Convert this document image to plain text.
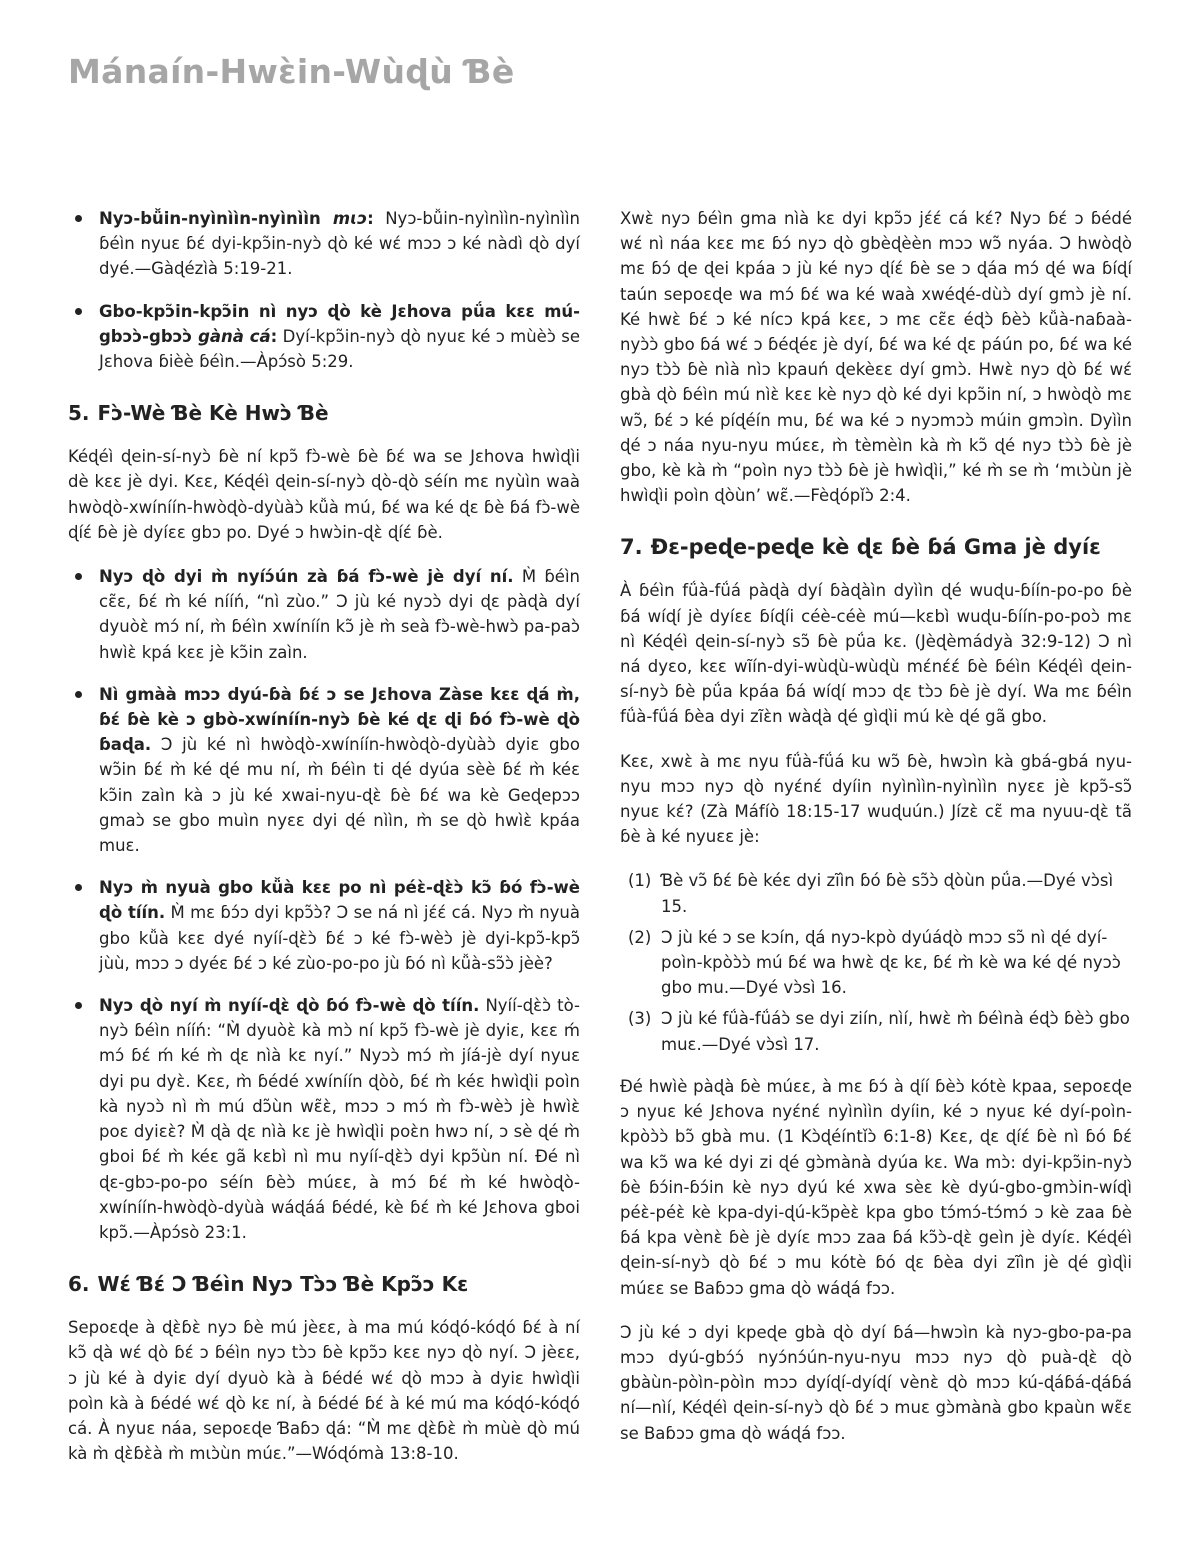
Mánaín-Hwɛ̀in-Wùɖù Ɓè
Nyɔ-bǚin-nyìnììn-nyìnììn mɩɔ: Nyɔ-bǚin-nyìnììn-nyìnììn ɓéìn nyuɛ ɓɛ́ dyi-kpɔ̃in-nyɔ̀ ɖò ké wɛ́ mɔɔ ɔ ké nàdì ɖò dyí dyé.—Gàɖézìà 5:19-21.
Gbo-kpɔ̃in-kpɔ̃in nì nyɔ ɖò kè Jɛhova pǘa kɛɛ mú-gbɔɔ̀-gbɔɔ̀ gànà cá: Dyí-kpɔ̃in-nyɔ̀ ɖò nyuɛ ké ɔ mùèɔ̀ se Jɛhova ɓièè ɓéìn.—Àpɔ́sò 5:29.
5. Fɔ̀-Wè Ɓè Kè Hwɔ̀ Ɓè

Kéɖéì ɖein-sí-nyɔ̀ ɓè ní kpɔ̃ fɔ̀-wè ɓè ɓɛ́ wa se Jɛhova hwìɖìi dè kɛɛ jè dyi. Kɛɛ, Kéɖéì ɖein-sí-nyɔ̀ ɖò-ɖò séín mɛ nyùìn waà hwòɖò-xwíníín-hwòɖò-dyùàɔ̀ kǚà mú, ɓɛ́ wa ké ɖɛ ɓè ɓá fɔ̀-wè ɖíɛ́ ɓè jè dyíɛɛ gbɔ po. Dyé ɔ hwɔ̀in-ɖɛ̀ ɖíɛ́ ɓè.

Nyɔ ɖò dyi m̀ nyíɔ́ún zà ɓá fɔ̀-wè jè dyí ní. M̀ ɓéìn cɛ̃ɛ, ɓɛ́ m̀ ké nííń, “nì zùo.” Ɔ jù ké nyɔɔ̀ dyi ɖɛ pàɖà dyí dyuòɛ̀ mɔ́ ní, m̀ ɓéìn xwíníín kɔ̃ jè m̀ seà fɔ̀-wè-hwɔ̀ pa-paɔ̀ hwìɛ̀ kpá kɛɛ jè kɔ̃in zaìn.
Nì gmàà mɔɔ dyú-ɓà ɓɛ́ ɔ se Jɛhova Zàse kɛɛ ɖá m̀, ɓɛ́ ɓè kè ɔ gbò-xwíníín-nyɔ̀ ɓè ké ɖɛ ɖi ɓó fɔ̀-wè ɖò ɓaɖa. Ɔ jù ké nì hwòɖò-xwíníín-hwòɖò-dyùàɔ̀ dyiɛ gbo wɔ̃in ɓɛ́ m̀ ké ɖé mu ní, m̀ ɓéìn ti ɖé dyúa sèè ɓɛ́ m̀ kéɛ kɔ̃in zaìn kà ɔ jù ké xwai-nyu-ɖɛ̀ ɓè ɓɛ́ wa kè Geɖepɔɔ gmaɔ̀ se gbo muìn nyɛɛ dyi ɖé nììn, m̀ se ɖò hwìɛ̀ kpáa muɛ.
Nyɔ m̀ nyuà gbo kǚà kɛɛ po nì péɛ̀-ɖɛ̀ɔ̀ kɔ̃ ɓó fɔ̀-wè ɖò tíín. M̀ mɛ ɓɔ́ɔ dyi kpɔ̃ɔ̀? Ɔ se ná nì jɛ́ɛ́ cá. Nyɔ m̀ nyuà gbo kǚà kɛɛ dyé nyíí-ɖɛ̀ɔ̀ ɓɛ́ ɔ ké fɔ̀-wèɔ̀ jè dyi-kpɔ̃-kpɔ̃ jùù, mɔɔ ɔ dyéɛ ɓɛ́ ɔ ké zùo-po-po jù ɓó nì kǚà-sɔ̃ɔ̀ jèè?
Nyɔ ɖò nyí m̀ nyíí-ɖɛ̀ ɖò ɓó fɔ̀-wè ɖò tíín. Nyíí-ɖɛ̀ɔ̀ tò-nyɔ̀ ɓéìn nííń: “M̀ dyuòɛ̀ kà mɔ̀ ní kpɔ̃ fɔ̀-wè jè dyiɛ, kɛɛ ḿ mɔ́ ɓɛ́ ḿ ké m̀ ɖɛ nìà kɛ nyí.” Nyɔɔ̀ mɔ́ m̀ jíá-jè dyí nyuɛ dyi pu dyɛ̀. Kɛɛ, m̀ ɓédé xwíníín ɖòò, ɓɛ́ m̀ kéɛ hwìɖìi poìn kà nyɔɔ̀ nì m̀ mú dɔ̃ùn wɛ̃ɛ̀, mɔɔ ɔ mɔ́ m̀ fɔ̀-wèɔ̀ jè hwìɛ̀ poɛ dyiɛɛ̀? M̀ ɖà ɖɛ nìà kɛ jè hwìɖìi poɛ̀n hwɔ ní, ɔ sè ɖé m̀ gboi ɓɛ́ m̀ kéɛ gã kɛbì nì mu nyíí-ɖɛ̀ɔ̀ dyi kpɔ̃ùn ní. Ɖé nì ɖɛ-gbɔ-po-po séín ɓèɔ̀ múɛɛ, à mɔ́ ɓɛ́ m̀ ké hwòɖò-xwíníín-hwòɖò-dyùà wáɖáá ɓédé, kè ɓɛ́ m̀ ké Jɛhova gboi kpɔ̃.—Àpɔ́sò 23:1.
6. Wɛ́ Ɓɛ́ Ɔ Ɓéìn Nyɔ Tɔ̀ɔ Ɓè Kpɔ̃ɔ Kɛ

Sepoɛɖe à ɖɛ̀ɓɛ̀ nyɔ ɓè mú jèɛɛ, à ma mú kóɖó-kóɖó ɓɛ́ à ní kɔ̃ ɖà wɛ́ ɖò ɓɛ́ ɔ ɓéìn nyɔ tɔ̀ɔ ɓè kpɔ̃ɔ kɛɛ nyɔ ɖò nyí. Ɔ jèɛɛ, ɔ jù ké à dyiɛ dyí dyuò kà à ɓédé wɛ́ ɖò mɔɔ à dyiɛ hwìɖìi poìn kà à ɓédé wɛ́ ɖò kɛ ní, à ɓédé ɓɛ́ à ké mú ma kóɖó-kóɖó cá. À nyuɛ náa, sepoɛɖe Ɓaɓɔ ɖá: “M̀ mɛ ɖɛ̀ɓɛ̀ m̀ mùè ɖò mú kà m̀ ɖɛ̀ɓɛ̀à m̀ mɩɔ̀ùn múɛ.”—Wóɖómà 13:8-10.

Xwɛ̀ nyɔ ɓéìn gma nìà kɛ dyi kpɔ̃ɔ jɛ́ɛ́ cá kɛ́? Nyɔ ɓɛ́ ɔ ɓédé wɛ́ nì náa kɛɛ mɛ ɓɔ́ nyɔ ɖò gbèɖèèn mɔɔ wɔ̃ nyáa. Ɔ hwòɖò mɛ ɓɔ́ ɖe ɖei kpáa ɔ jù ké nyɔ ɖíɛ́ ɓè se ɔ ɖáa mɔ́ ɖé wa ɓíɖí taún sepoɛɖe wa mɔ́ ɓɛ́ wa ké waà xwéɖé-dùɔ̀ dyí gmɔ̀ jè ní. Ké hwɛ̀ ɓɛ́ ɔ ké nícɔ kpá kɛɛ, ɔ mɛ cɛ̃ɛ éɖɔ̀ ɓèɔ̀ kǚà-naɓaà-nyɔ̀ɔ̀ gbo ɓá wɛ́ ɔ ɓéɖéɛ jè dyí, ɓɛ́ wa ké ɖɛ páún po, ɓɛ́ wa ké nyɔ tɔ̀ɔ̀ ɓè nìà nìɔ kpauń ɖekèɛɛ dyí gmɔ̀. Hwɛ̀ nyɔ ɖò ɓɛ́ wɛ́ gbà ɖò ɓéìn mú nìɛ̀ kɛɛ kè nyɔ ɖò ké dyi kpɔ̃in ní, ɔ hwòɖò mɛ wɔ̃, ɓɛ́ ɔ ké píɖéín mu, ɓɛ́ wa ké ɔ nyɔmɔɔ̀ múin gmɔìn. Dyììn ɖé ɔ náa nyu-nyu múɛɛ, m̀ tèmèìn kà m̀ kɔ̃ ɖé nyɔ tɔ̀ɔ̀ ɓè jè gbo, kè kà m̀ “poìn nyɔ tɔ̀ɔ̀ ɓè jè hwìɖìi,” ké m̀ se m̀ ‘mɩɔ̀ùn jè hwìɖìi poìn ɖòùn’ wɛ̃.—Fèɖópǐɔ̀ 2:4.

7. Ɖɛ-peɖe-peɖe kè ɖɛ ɓè ɓá Gma jè dyíɛ

À ɓéìn fǘà-fǘá pàɖà dyí ɓàɖàìn dyììn ɖé wuɖu-ɓíín-po-po ɓè ɓá wíɖí jè dyíɛɛ ɓíɖíi céè-céè mú—kɛbì wuɖu-ɓíín-po-poɔ̀ mɛ nì Kéɖéì ɖein-sí-nyɔ̀ sɔ̃ ɓè pǘa kɛ. (Jèɖèmádyà 32:9-12) Ɔ nì ná dyɛo, kɛɛ wĩín-dyi-wùɖù-wùɖù mɛ́nɛ́ɛ́ ɓè ɓéìn Kéɖéì ɖein-sí-nyɔ̀ ɓè pǘa kpáa ɓá wíɖí mɔɔ ɖɛ tɔ̀ɔ ɓè jè dyí. Wa mɛ ɓéìn fǘà-fǘá ɓèa dyi zĩɛ̀n wàɖà ɖé gìɖìi mú kè ɖé gã gbo.

Kɛɛ, xwɛ̀ à mɛ nyu fǘà-fǘá ku wɔ̃ ɓè, hwɔìn kà gbá-gbá nyu-nyu mɔɔ nyɔ ɖò nyɛ́nɛ́ dyíin nyìnììn-nyìnììn nyɛɛ jè kpɔ̃-sɔ̃ nyuɛ kɛ́? (Zà Máfíò 18:15-17 wuɖuún.) Jízɛ̀ cɛ̃ ma nyuu-ɖɛ̀ tã ɓè à ké nyuɛɛ jè:

(1) Ɓè vɔ̃ ɓɛ́ ɓè kéɛ dyi zĩìn ɓó ɓè sɔ̃ɔ̀ ɖòùn pǘa.—Dyé vɔ̀sì 15.
(2) Ɔ jù ké ɔ se kɔín, ɖá nyɔ-kpò dyúáɖò mɔɔ sɔ̃ nì ɖé dyí-poìn-kpòɔ̀ɔ̀ mú ɓɛ́ wa hwɛ̀ ɖɛ kɛ, ɓɛ́ m̀ kè wa ké ɖé nyɔɔ̀ gbo mu.—Dyé vɔ̀sì 16.
(3) Ɔ jù ké fǘà-fǘáɔ̀ se dyi ziín, nìí, hwɛ̀ m̀ ɓéìnà éɖɔ̀ ɓèɔ̀ gbo muɛ.—Dyé vɔ̀sì 17.

Ɖé hwìè pàɖà ɓè múɛɛ, à mɛ ɓɔ́ à ɖíí ɓèɔ̀ kótè kpaa, sepoɛɖe ɔ nyuɛ ké Jɛhova nyɛ́nɛ́ nyìnììn dyíin, ké ɔ nyuɛ ké dyí-poìn-kpòɔ̀ɔ̀ bɔ̃ gbà mu. (1 Kɔ̀ɖéíntǐɔ̀ 6:1-8) Kɛɛ, ɖɛ ɖíɛ́ ɓè nì ɓó ɓɛ́ wa kɔ̃ wa ké dyi zi ɖé gɔ̀mànà dyúa kɛ. Wa mɔ̀: dyi-kpɔ̃in-nyɔ̀ ɓè ɓɔ́in-ɓɔ́in kè nyɔ dyú ké xwa sèɛ kè dyú-gbo-gmɔ̀in-wíɖì péɛ̀-péɛ̀ kè kpa-dyi-ɖú-kɔ̃pèɛ̀ kpa gbo tɔ́mɔ́-tɔ́mɔ́ ɔ kè zaa ɓè ɓá kpa vènɛ̀ ɓè jè dyíɛ mɔɔ zaa ɓá kɔ̃ɔ̀-ɖɛ̀ geìn jè dyíɛ. Kéɖéì ɖein-sí-nyɔ̀ ɖò ɓɛ́ ɔ mu kótè ɓó ɖɛ ɓèa dyi zĩìn jè ɖé gìɖìi múɛɛ se Baɓɔɔ gma ɖò wáɖá fɔɔ.

Ɔ jù ké ɔ dyi kpeɖe gbà ɖò dyí ɓá—hwɔìn kà nyɔ-gbo-pa-pa mɔɔ dyú-gbɔ́ɔ́ nyɔ́nɔ́ún-nyu-nyu mɔɔ nyɔ ɖò puà-ɖɛ̀ ɖò gbàùn-pòìn-pòìn mɔɔ dyíɖí-dyíɖí vènɛ̀ ɖò mɔɔ kú-ɖáɓá-ɖáɓá ní—nìí, Kéɖéì ɖein-sí-nyɔ̀ ɖò ɓɛ́ ɔ muɛ gɔ̀mànà gbo kpaùn wɛ̃ɛ se Baɓɔɔ gma ɖò wáɖá fɔɔ.
